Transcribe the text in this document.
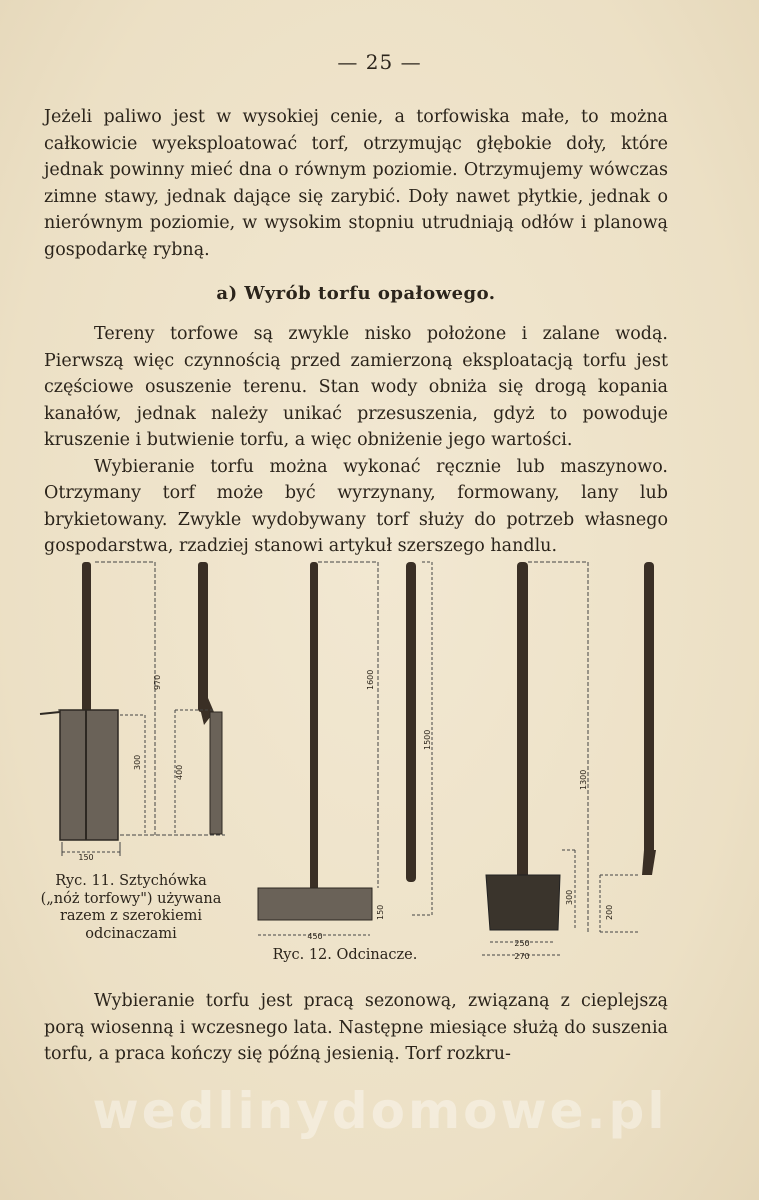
— 25 —

Jeżeli paliwo jest w wysokiej cenie, a torfowiska małe, to można całkowicie wyeksploatować torf, otrzymując głębokie doły, które jednak powinny mieć dna o równym poziomie. Otrzymujemy wówczas zimne stawy, jednak dające się zarybić. Doły nawet płytkie, jednak o nierównym poziomie, w wysokim stopniu utrudniają odłów i planową gospodarkę rybną.

a) Wyrób torfu opałowego.

Tereny torfowe są zwykle nisko położone i zalane wodą. Pierwszą więc czynnością przed zamierzoną eksploatacją torfu jest częściowe osuszenie terenu. Stan wody obniża się drogą kopania kanałów, jednak należy unikać przesuszenia, gdyż to powoduje kruszenie i butwienie torfu, a więc obniżenie jego wartości.

Wybieranie torfu można wykonać ręcznie lub maszynowo. Otrzymany torf może być wyrzynany, formowany, lany lub brykietowany. Zwykle wydobywany torf służy do potrzeb własnego gospodarstwa, rzadziej stanowi artykuł szerszego handlu.

150
970
300
400
450
1600
150
1500
250
270
1300
300
200
Ryc. 11. Sztychówka („nóż torfowy") używana razem z szerokiemi odcinaczami
Ryc. 12. Odcinacze.

Wybieranie torfu jest pracą sezonową, związaną z cieplejszą porą wiosenną i wczesnego lata. Następne miesiące służą do suszenia torfu, a praca kończy się późną jesienią. Torf rozkru-

wedlinydomowe.pl
